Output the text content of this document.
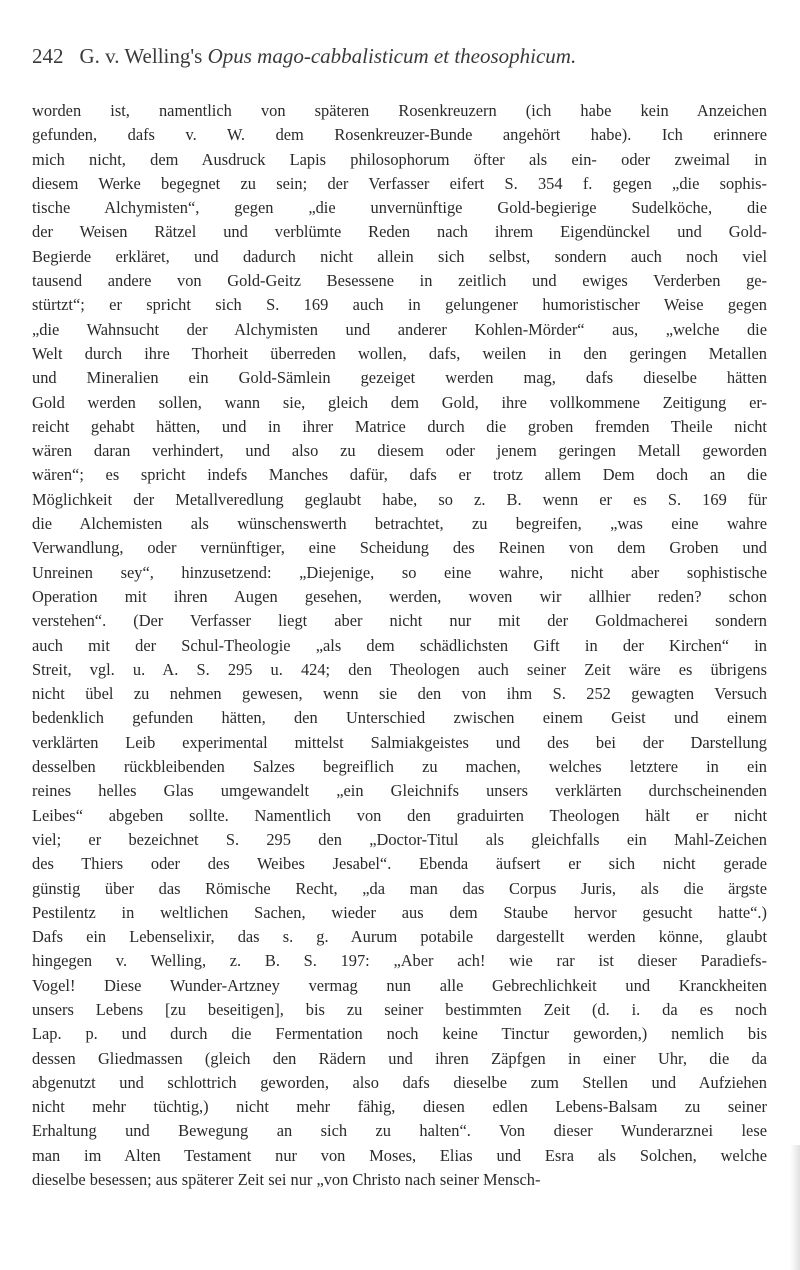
242 G. v. Welling's Opus mago-cabbalisticum et theosophicum.
worden ist, namentlich von späteren Rosenkreuzern (ich habe kein Anzeichen
gefunden, dafs v. W. dem Rosenkreuzer-Bunde angehört habe). Ich erinnere
mich nicht, dem Ausdruck Lapis philosophorum öfter als ein- oder zweimal in
diesem Werke begegnet zu sein; der Verfasser eifert S. 354 f. gegen „die sophis-
tische Alchymisten“, gegen „die unvernünftige Gold-begierige Sudelköche, die
der Weisen Rätzel und verblümte Reden nach ihrem Eigendünckel und Gold-
Begierde erkläret, und dadurch nicht allein sich selbst, sondern auch noch viel
tausend andere von Gold-Geitz Besessene in zeitlich und ewiges Verderben ge-
stürtzt“; er spricht sich S. 169 auch in gelungener humoristischer Weise gegen
„die Wahnsucht der Alchymisten und anderer Kohlen-Mörder“ aus, „welche die
Welt durch ihre Thorheit überreden wollen, dafs, weilen in den geringen Metallen
und Mineralien ein Gold-Sämlein gezeiget werden mag, dafs dieselbe hätten
Gold werden sollen, wann sie, gleich dem Gold, ihre vollkommene Zeitigung er-
reicht gehabt hätten, und in ihrer Matrice durch die groben fremden Theile nicht
wären daran verhindert, und also zu diesem oder jenem geringen Metall geworden
wären“; es spricht indefs Manches dafür, dafs er trotz allem Dem doch an die
Möglichkeit der Metallveredlung geglaubt habe, so z. B. wenn er es S. 169 für
die Alchemisten als wünschenswerth betrachtet, zu begreifen, „was eine wahre
Verwandlung, oder vernünftiger, eine Scheidung des Reinen von dem Groben und
Unreinen sey“, hinzusetzend: „Diejenige, so eine wahre, nicht aber sophistische
Operation mit ihren Augen gesehen, werden, woven wir allhier reden? schon
verstehen“. (Der Verfasser liegt aber nicht nur mit der Goldmacherei sondern
auch mit der Schul-Theologie „als dem schädlichsten Gift in der Kirchen“ in
Streit, vgl. u. A. S. 295 u. 424; den Theologen auch seiner Zeit wäre es übrigens
nicht übel zu nehmen gewesen, wenn sie den von ihm S. 252 gewagten Versuch
bedenklich gefunden hätten, den Unterschied zwischen einem Geist und einem
verklärten Leib experimental mittelst Salmiakgeistes und des bei der Darstellung
desselben rückbleibenden Salzes begreiflich zu machen, welches letztere in ein
reines helles Glas umgewandelt „ein Gleichnifs unsers verklärten durchscheinenden
Leibes“ abgeben sollte. Namentlich von den graduirten Theologen hält er nicht
viel; er bezeichnet S. 295 den „Doctor-Titul als gleichfalls ein Mahl-Zeichen
des Thiers oder des Weibes Jesabel“. Ebenda äufsert er sich nicht gerade
günstig über das Römische Recht, „da man das Corpus Juris, als die ärgste
Pestilentz in weltlichen Sachen, wieder aus dem Staube hervor gesucht hatte“.)
Dafs ein Lebenselixir, das s. g. Aurum potabile dargestellt werden könne, glaubt
hingegen v. Welling, z. B. S. 197: „Aber ach! wie rar ist dieser Paradiefs-
Vogel! Diese Wunder-Artzney vermag nun alle Gebrechlichkeit und Kranckheiten
unsers Lebens [zu beseitigen], bis zu seiner bestimmten Zeit (d. i. da es noch
Lap. p. und durch die Fermentation noch keine Tinctur geworden,) nemlich bis
dessen Gliedmassen (gleich den Rädern und ihren Zäpfgen in einer Uhr, die da
abgenutzt und schlottrich geworden, also dafs dieselbe zum Stellen und Aufziehen
nicht mehr tüchtig,) nicht mehr fähig, diesen edlen Lebens-Balsam zu seiner
Erhaltung und Bewegung an sich zu halten“. Von dieser Wunderarznei lese
man im Alten Testament nur von Moses, Elias und Esra als Solchen, welche
dieselbe besessen; aus späterer Zeit sei nur „von Christo nach seiner Mensch-
